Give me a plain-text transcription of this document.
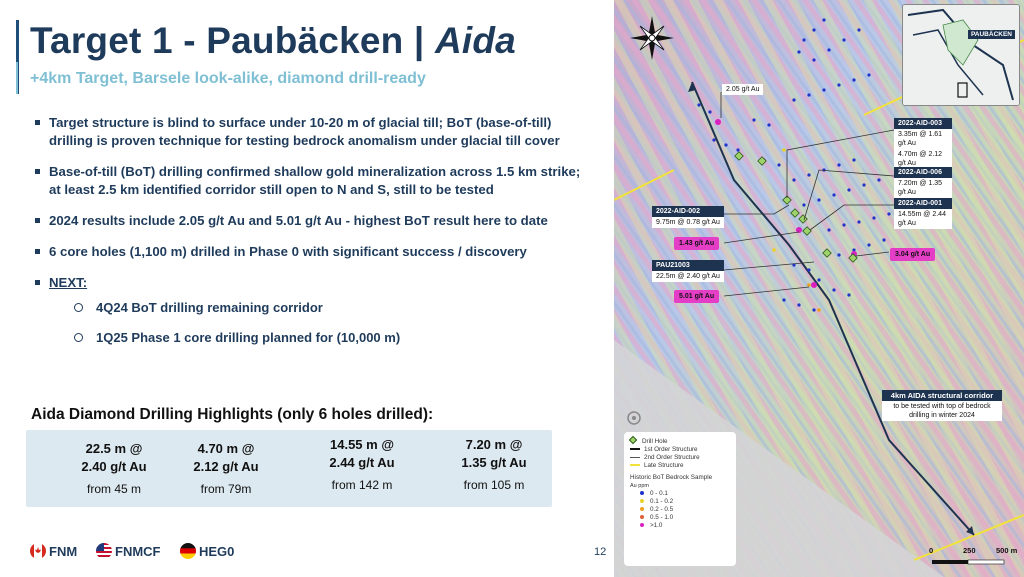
Target 1 - Paubäcken | Aida
+4km Target, Barsele look-alike, diamond drill-ready
Target structure is blind to surface under 10-20 m of glacial till; BoT (base-of-till) drilling is proven technique for testing bedrock anomalism under glacial till cover
Base-of-till (BoT) drilling confirmed shallow gold mineralization across 1.5 km strike; at least 2.5 km identified corridor still open to N and S, still to be tested
2024 results include 2.05 g/t Au and 5.01 g/t Au - highest BoT result here to date
6 core holes (1,100 m) drilled in Phase 0 with significant success / discovery
NEXT:
4Q24 BoT drilling remaining corridor
1Q25 Phase 1 core drilling planned for (10,000 m)
Aida Diamond Drilling Highlights (only 6 holes drilled):
22.5 m @
2.40 g/t Au
from 45 m
4.70 m @
2.12 g/t Au
from 79m
14.55 m @
2.44 g/t Au
from 142 m
7.20 m @
1.35 g/t Au
from 105 m
FNM	FNMCF	HEG0	12
PAUBÄCKEN
2.05 g/t Au
2022-AID-003
3.35m @ 1.61 g/t Au
4.70m @ 2.12 g/t Au
2022-AID-006
7.20m @ 1.35 g/t Au
2022-AID-001
14.55m @ 2.44 g/t Au
2022-AID-002
9.75m @ 0.78 g/t Au
1.43 g/t Au
PAU21003
22.5m @ 2.40 g/t Au
5.01 g/t Au
3.04 g/t Au
4km AIDA structural corridor
to be tested with top of bedrock drilling in winter 2024
Drill Hole
1st Order Structure
2nd Order Structure
Late Structure
Historic BoT Bedrock Sample
Au ppm
0 - 0.1
0.1 - 0.2
0.2 - 0.5
0.5 - 1.0
>1.0
0	250	500 m
